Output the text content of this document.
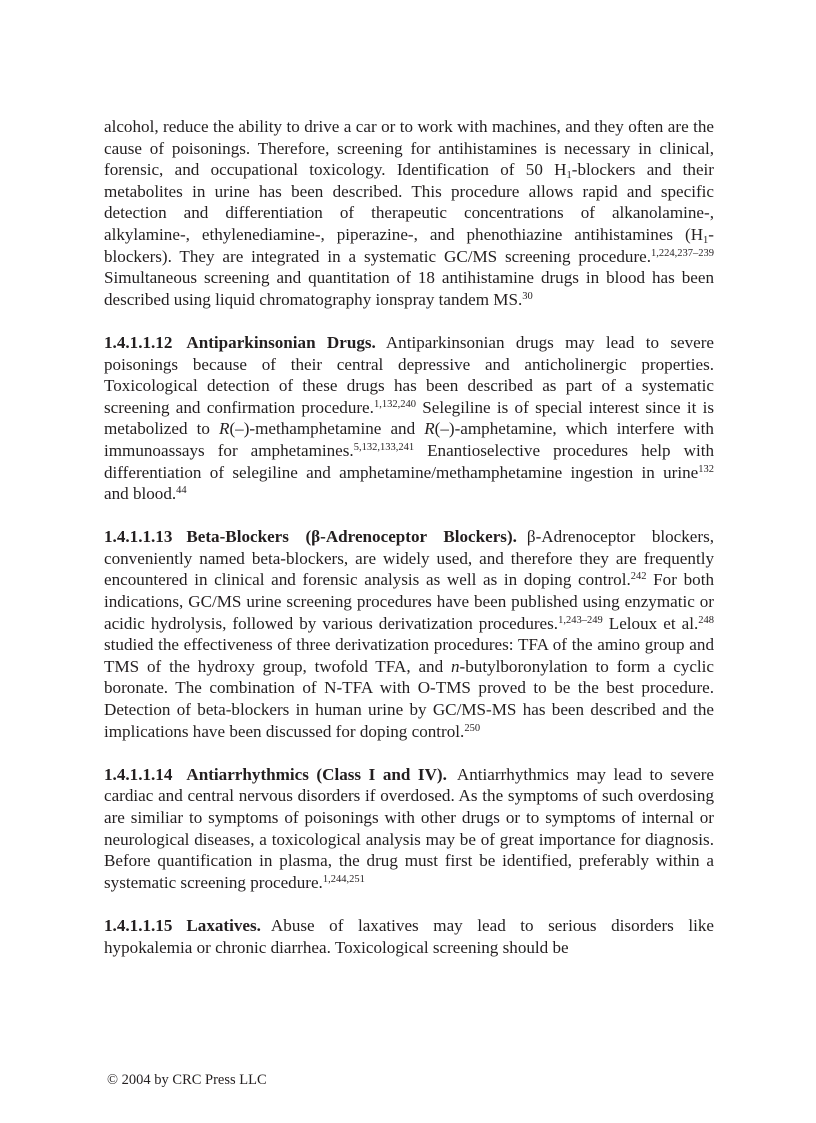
alcohol, reduce the ability to drive a car or to work with machines, and they often are the cause of poisonings. Therefore, screening for antihistamines is necessary in clinical, forensic, and occupational toxicology. Identification of 50 $H_1$-blockers and their metabolites in urine has been described. This procedure allows rapid and specific detection and differentiation of therapeutic concentrations of alkanolamine-, alkylamine-, ethylenediamine-, piperazine-, and phenothiazine antihistamines $(H_1-blockers)$. They are integrated in a systematic GC/MS screening procedure.$^{1,224,237-239}$ Simultaneous screening and quantitation of 18 antihistamine drugs in blood has been described using liquid chromatography ionspray tandem MS.$^{30}$

1.4.1.1.12 Antiparkinsonian Drugs. Antiparkinsonian drugs may lead to severe poisonings because of their central depressive and anticholinergic properties. Toxicological detection of these drugs has been described as part of a systematic screening and confirmation procedure.$^{1,132,240}$ Selegiline is of special interest since it is metabolized to R(–)-methamphetamine and R(–)-amphetamine, which interfere with immunoassays for amphetamines.$^{5,132,133,241}$ Enantioselective procedures help with differentiation of selegiline and amphetamine/methamphetamine ingestion in urine$^{132}$ and blood.$^{44}$

1.4.1.1.13 Beta-Blockers (β-Adrenoceptor Blockers). β-Adrenoceptor blockers, conveniently named beta-blockers, are widely used, and therefore they are frequently encountered in clinical and forensic analysis as well as in doping control.$^{242}$ For both indications, GC/MS urine screening procedures have been published using enzymatic or acidic hydrolysis, followed by various derivatization procedures.$^{1,243-249}$ Leloux et al.$^{248}$ studied the effectiveness of three derivatization procedures: TFA of the amino group and TMS of the hydroxy group, twofold TFA, and n-butylboronylation to form a cyclic boronate. The combination of N-TFA with O-TMS proved to be the best procedure. Detection of beta-blockers in human urine by GC/MS-MS has been described and the implications have been discussed for doping control.$^{250}$

1.4.1.1.14 Antiarrhythmics (Class I and IV). Antiarrhythmics may lead to severe cardiac and central nervous disorders if overdosed. As the symptoms of such overdosing are similiar to symptoms of poisonings with other drugs or to symptoms of internal or neurological diseases, a toxicological analysis may be of great importance for diagnosis. Before quantification in plasma, the drug must first be identified, preferably within a systematic screening procedure.$^{1,244,251}$

1.4.1.1.15 Laxatives. Abuse of laxatives may lead to serious disorders like hypokalemia or chronic diarrhea. Toxicological screening should be

© 2004 by CRC Press LLC
